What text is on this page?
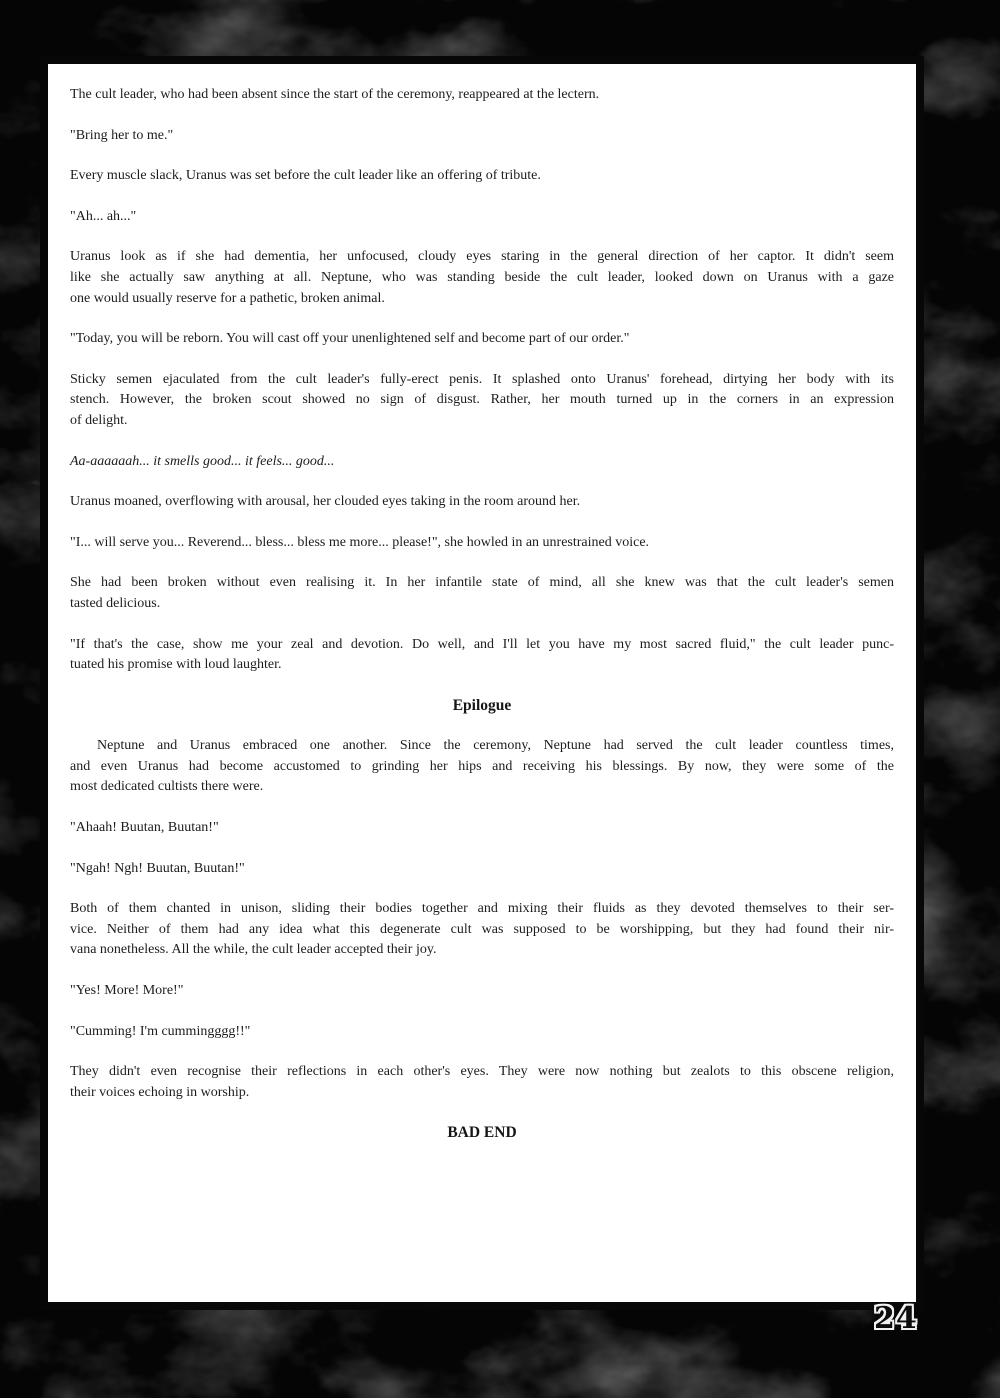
The cult leader, who had been absent since the start of the ceremony, reappeared at the lectern.
"Bring her to me."
Every muscle slack, Uranus was set before the cult leader like an offering of tribute.
"Ah... ah..."
Uranus look as if she had dementia, her unfocused, cloudy eyes staring in the general direction of her captor. It didn't seem
like she actually saw anything at all. Neptune, who was standing beside the cult leader, looked down on Uranus with a gaze
one would usually reserve for a pathetic, broken animal.
"Today, you will be reborn. You will cast off your unenlightened self and become part of our order."
Sticky semen ejaculated from the cult leader's fully-erect penis. It splashed onto Uranus' forehead, dirtying her body with its
stench. However, the broken scout showed no sign of disgust. Rather, her mouth turned up in the corners in an expression
of delight.
Aa-aaaaaah... it smells good... it feels... good...
Uranus moaned, overflowing with arousal, her clouded eyes taking in the room around her.
"I... will serve you... Reverend... bless... bless me more... please!", she howled in an unrestrained voice.
She had been broken without even realising it. In her infantile state of mind, all she knew was that the cult leader's semen
tasted delicious.
"If that's the case, show me your zeal and devotion. Do well, and I'll let you have my most sacred fluid," the cult leader punc-
tuated his promise with loud laughter.
Epilogue
Neptune and Uranus embraced one another. Since the ceremony, Neptune had served the cult leader countless times,
and even Uranus had become accustomed to grinding her hips and receiving his blessings. By now, they were some of the
most dedicated cultists there were.
"Ahaah! Buutan, Buutan!"
"Ngah! Ngh! Buutan, Buutan!"
Both of them chanted in unison, sliding their bodies together and mixing their fluids as they devoted themselves to their ser-
vice. Neither of them had any idea what this degenerate cult was supposed to be worshipping, but they had found their nir-
vana nonetheless. All the while, the cult leader accepted their joy.
"Yes! More! More!"
"Cumming! I'm cummingggg!!"
They didn't even recognise their reflections in each other's eyes. They were now nothing but zealots to this obscene religion,
their voices echoing in worship.
BAD END
24
